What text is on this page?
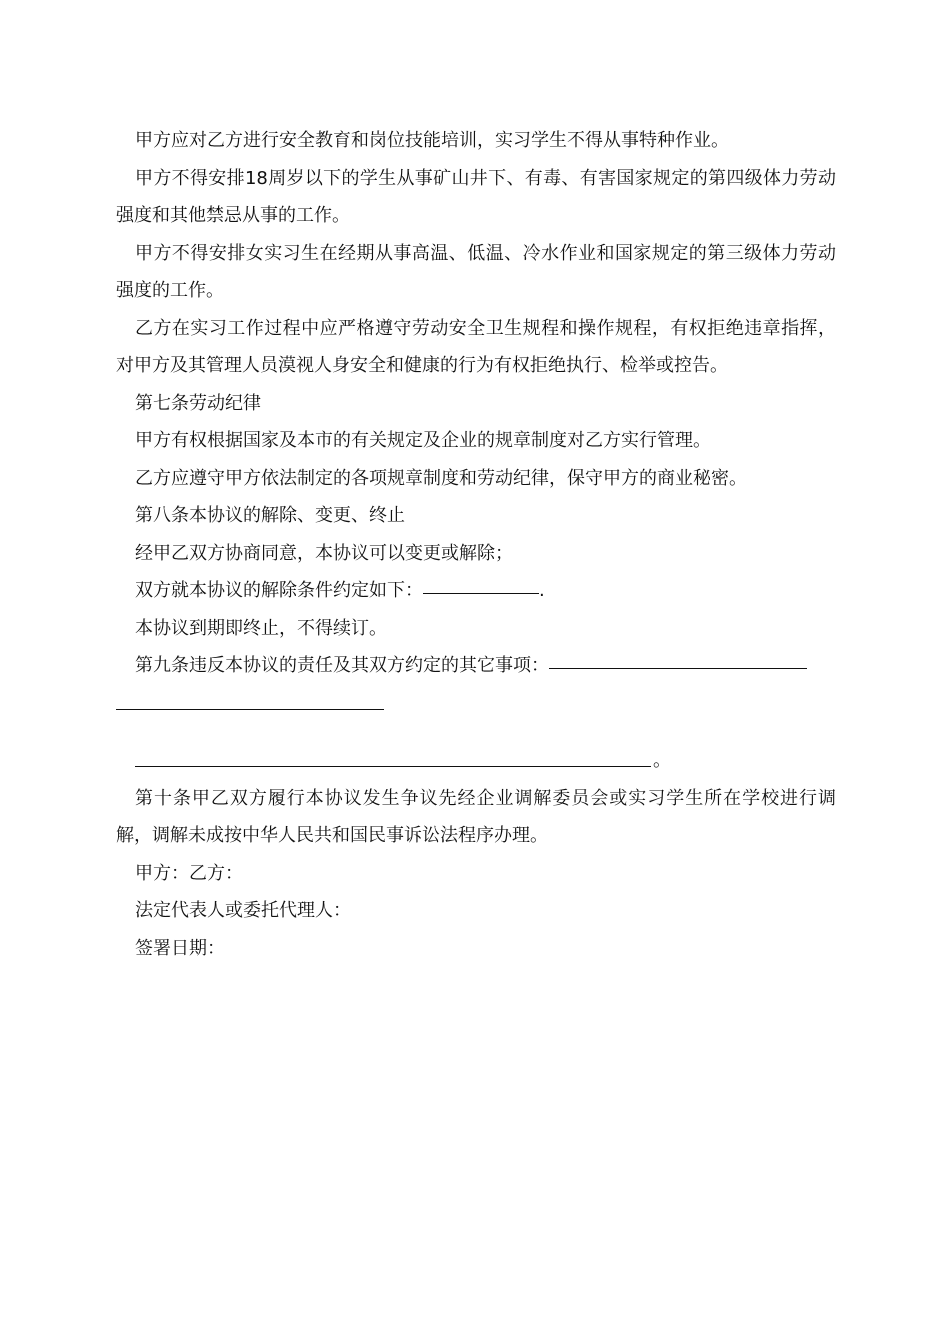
甲方应对乙方进行安全教育和岗位技能培训，实习学生不得从事特种作业。

甲方不得安排18周岁以下的学生从事矿山井下、有毒、有害国家规定的第四级体力劳动强度和其他禁忌从事的工作。

甲方不得安排女实习生在经期从事高温、低温、冷水作业和国家规定的第三级体力劳动强度的工作。

乙方在实习工作过程中应严格遵守劳动安全卫生规程和操作规程，有权拒绝违章指挥，对甲方及其管理人员漠视人身安全和健康的行为有权拒绝执行、检举或控告。

第七条劳动纪律

甲方有权根据国家及本市的有关规定及企业的规章制度对乙方实行管理。

乙方应遵守甲方依法制定的各项规章制度和劳动纪律，保守甲方的商业秘密。

第八条本协议的解除、变更、终止

经甲乙双方协商同意，本协议可以变更或解除；

双方就本协议的解除条件约定如下：	.

本协议到期即终止，不得续订。

第九条违反本协议的责任及其双方约定的其它事项：

。

第十条甲乙双方履行本协议发生争议先经企业调解委员会或实习学生所在学校进行调解，调解未成按中华人民共和国民事诉讼法程序办理。

甲方：乙方：

法定代表人或委托代理人：

签署日期：
